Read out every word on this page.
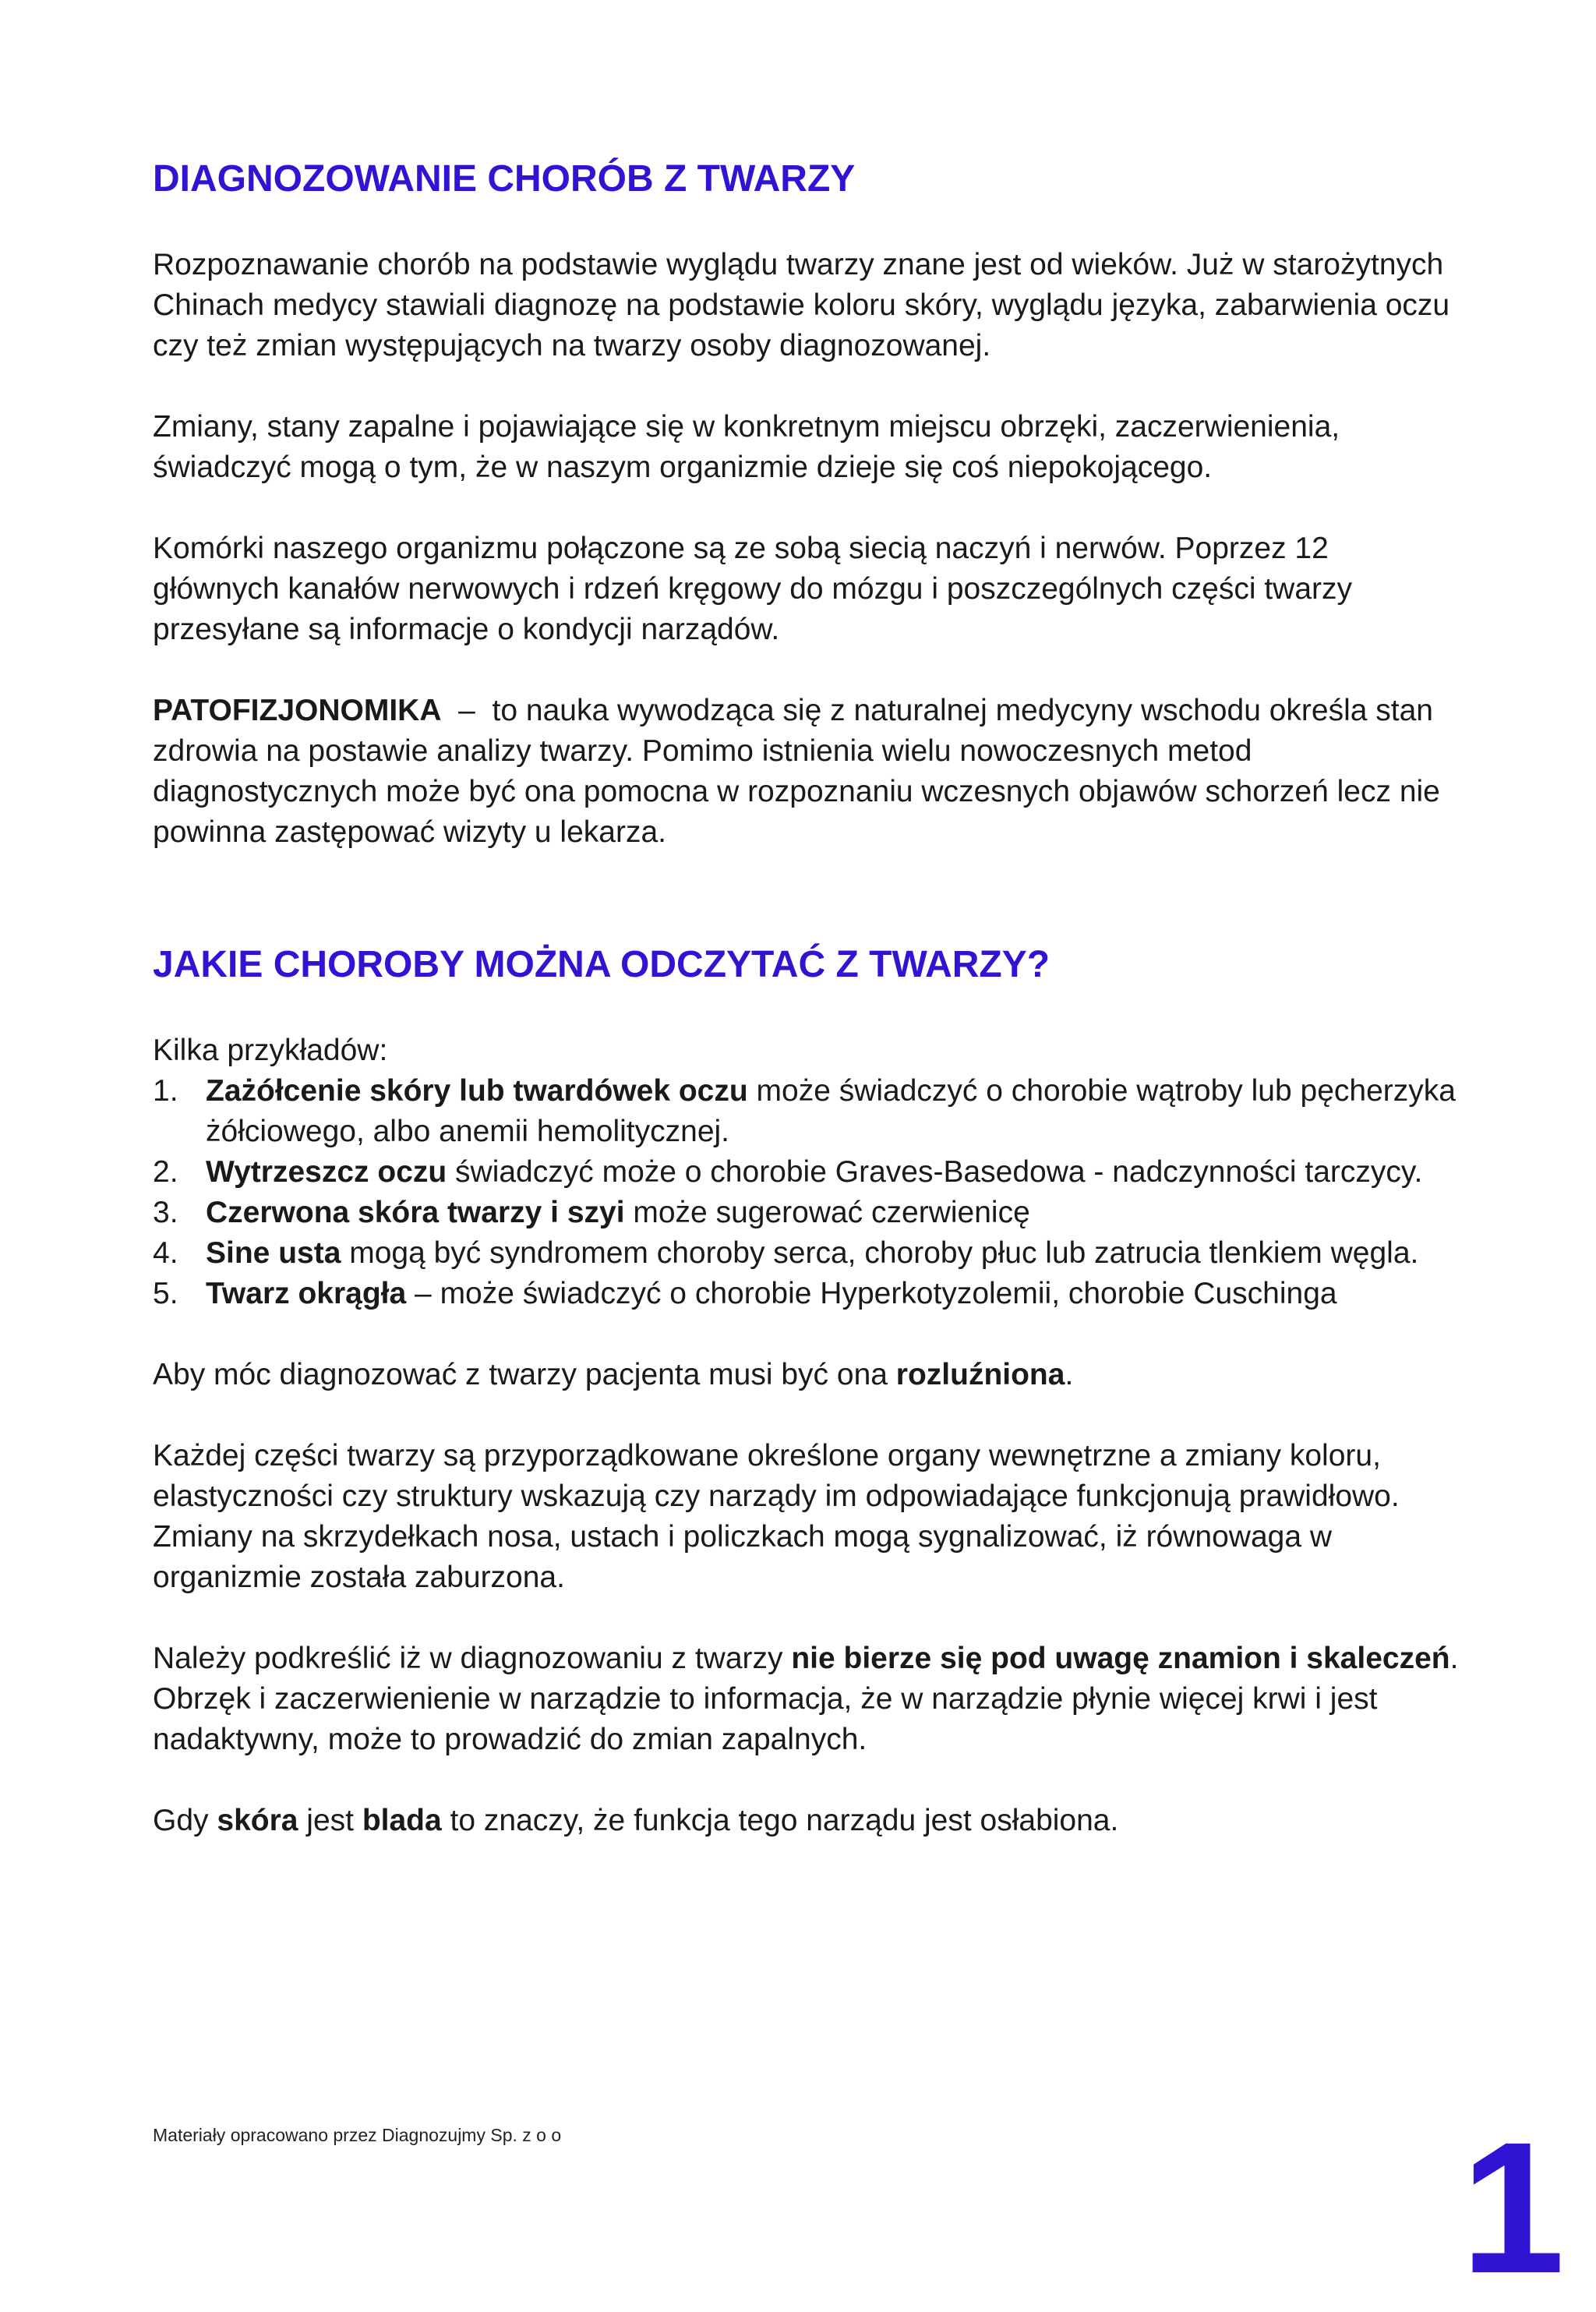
DIAGNOZOWANIE CHORÓB Z TWARZY

Rozpoznawanie chorób na podstawie wyglądu twarzy znane jest od wieków. Już w starożytnych Chinach medycy stawiali diagnozę na podstawie koloru skóry, wyglądu języka, zabarwienia oczu czy też zmian występujących na twarzy osoby diagnozowanej.

Zmiany, stany zapalne i pojawiające się w konkretnym miejscu obrzęki, zaczerwienienia, świadczyć mogą o tym, że w naszym organizmie dzieje się coś niepokojącego.

Komórki naszego organizmu połączone są ze sobą siecią naczyń i nerwów. Poprzez 12 głównych kanałów nerwowych i rdzeń kręgowy do mózgu i poszczególnych części twarzy przesyłane są informacje o kondycji narządów.

PATOFIZJONOMIKA  –  to nauka wywodząca się z naturalnej medycyny wschodu określa stan zdrowia na postawie analizy twarzy. Pomimo istnienia wielu nowoczesnych metod diagnostycznych może być ona pomocna w rozpoznaniu wczesnych objawów schorzeń lecz nie powinna zastępować wizyty u lekarza.

JAKIE CHOROBY MOŻNA ODCZYTAĆ Z TWARZY?
Kilka przykładów:
1. Zażółcenie skóry lub twardówek oczu może świadczyć o chorobie wątroby lub pęcherzyka żółciowego, albo anemii hemolitycznej.
2. Wytrzeszcz oczu świadczyć może o chorobie Graves-Basedowa - nadczynności tarczycy.
3. Czerwona skóra twarzy i szyi może sugerować czerwienicę
4. Sine usta mogą być syndromem choroby serca, choroby płuc lub zatrucia tlenkiem węgla.
5. Twarz okrągła – może świadczyć o chorobie Hyperkotyzolemii, chorobie Cuschinga

Aby móc diagnozować z twarzy pacjenta musi być ona rozluźniona.

Każdej części twarzy są przyporządkowane określone organy wewnętrzne a zmiany koloru, elastyczności czy struktury wskazują czy narządy im odpowiadające funkcjonują prawidłowo. Zmiany na skrzydełkach nosa, ustach i policzkach mogą sygnalizować, iż równowaga w organizmie została zaburzona.

Należy podkreślić iż w diagnozowaniu z twarzy nie bierze się pod uwagę znamion i skaleczeń. Obrzęk i zaczerwienienie w narządzie to informacja, że w narządzie płynie więcej krwi i jest nadaktywny, może to prowadzić do zmian zapalnych.

Gdy skóra jest blada to znaczy, że funkcja tego narządu jest osłabiona.

Materiały opracowano przez Diagnozujmy Sp. z o o	1
